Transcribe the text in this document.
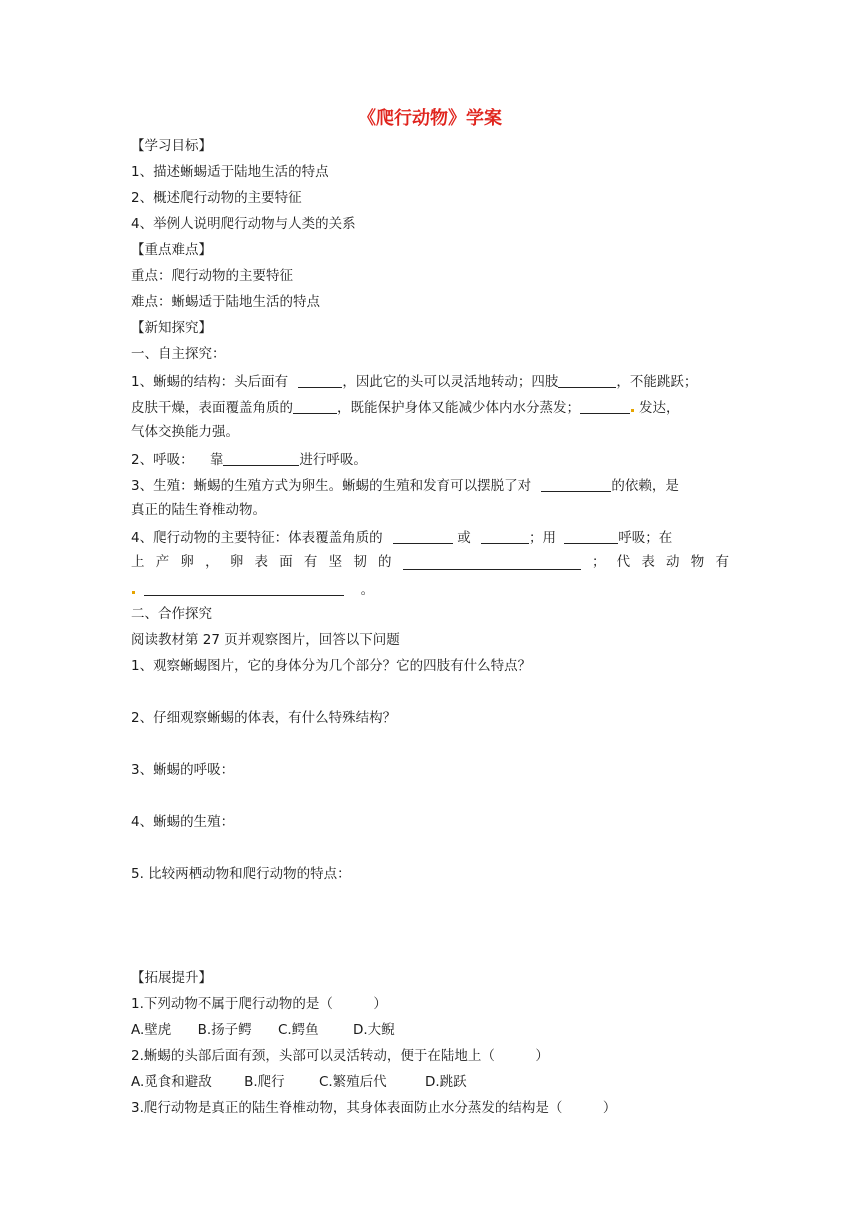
《爬行动物》学案
【学习目标】
1、描述蜥蜴适于陆地生活的特点
2、概述爬行动物的主要特征
4、举例人说明爬行动物与人类的关系
【重点难点】
重点：爬行动物的主要特征
难点：蜥蜴适于陆地生活的特点
【新知探究】
一、自主探究：
1、蜥蜴的结构：头后面有	，因此它的头可以灵活地转动；四肢	，不能跳跃；
皮肤干燥，表面覆盖角质的	，既能保护身体又能减少体内水分蒸发；	发达，
气体交换能力强。
2、呼吸： 靠	进行呼吸。
3、生殖：蜥蜴的生殖方式为卵生。蜥蜴的生殖和发育可以摆脱了对	的依赖，是
真正的陆生脊椎动物。
4、爬行动物的主要特征：体表覆盖角质的	或	；用	呼吸；在
上 产 卵 ， 卵 表 面 有 坚 韧 的	； 代 表 动 物 有
。
二、合作探究
阅读教材第 27 页并观察图片，回答以下问题
1、观察蜥蜴图片，它的身体分为几个部分？它的四肢有什么特点？
2、仔细观察蜥蜴的体表，有什么特殊结构？
3、蜥蜴的呼吸：
4、蜥蜴的生殖：
5. 比较两栖动物和爬行动物的特点：
【拓展提升】
1.下列动物不属于爬行动物的是（　　　）
A.壁虎 B.扬子鳄 C.鳄鱼	D.大鲵
2.蜥蜴的头部后面有颈，头部可以灵活转动，便于在陆地上（　　　）
A.觅食和避敌 B.爬行	C.繁殖后代	D.跳跃
3.爬行动物是真正的陆生脊椎动物，其身体表面防止水分蒸发的结构是（　　　）
